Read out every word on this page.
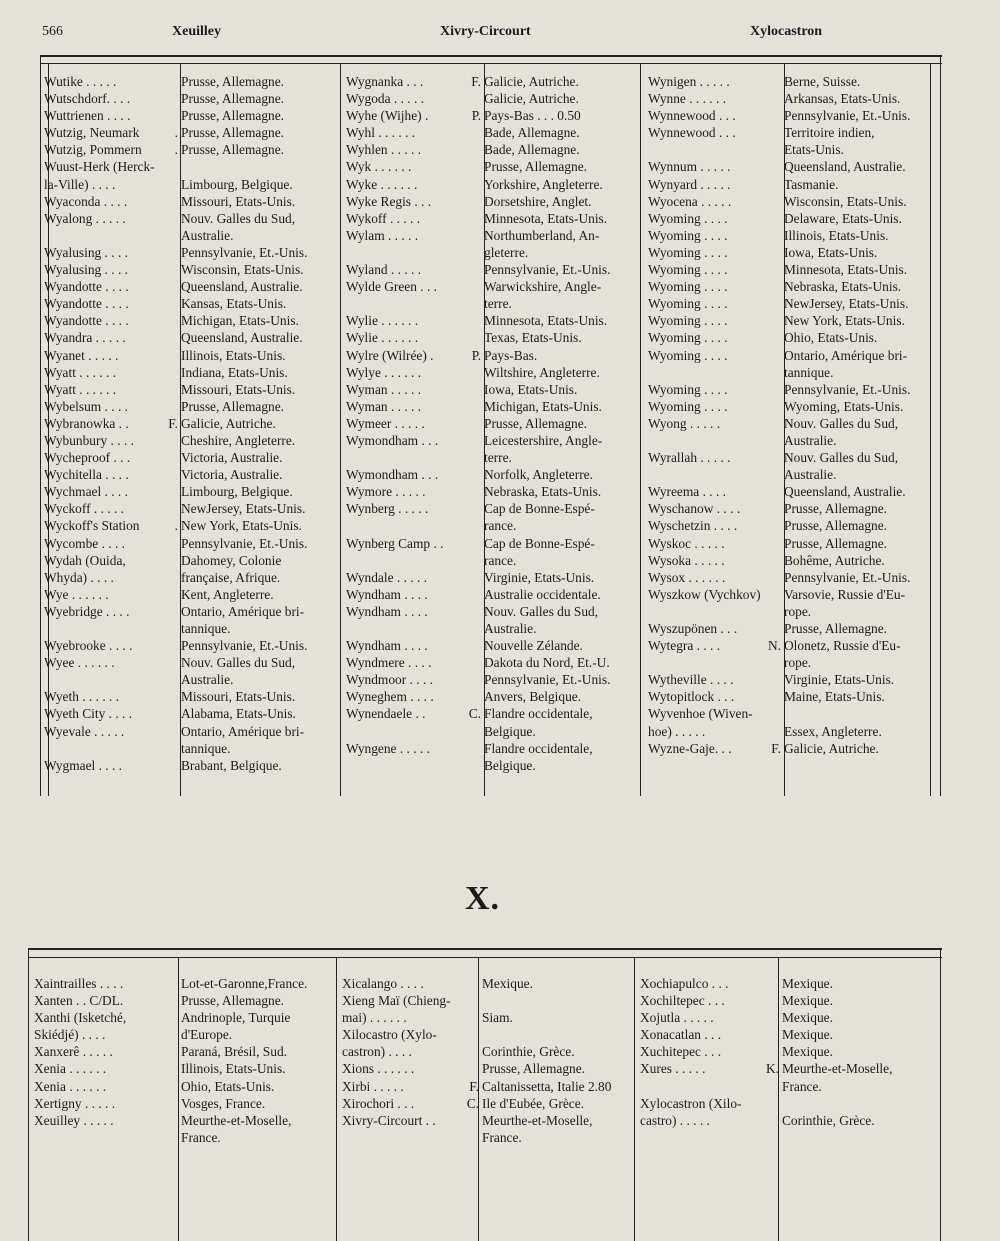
566	Xeuilley	Xivry-Circourt	Xylocastron
Wutike . . . . .	Prusse, Allemagne.
Wutschdorf. . . .	Prusse, Allemagne.
Wuttrienen . . . .	Prusse, Allemagne.
Wutzig, Neumark	. Prusse, Allemagne.
Wutzig, Pommern . Prusse, Allemagne.
Wuust-Herk (Herck-
la-Ville) . . . .	Limbourg, Belgique.
Wyaconda . . . .	Missouri, Etats-Unis.
Wyalong . . . . .	Nouv. Galles du Sud,
Australie.
Wyalusing . . . .	Pennsylvanie, Et.-Unis.
Wyalusing . . . .	Wisconsin, Etats-Unis.
Wyandotte . . . .	Queensland, Australie.
Wyandotte . . . .	Kansas, Etats-Unis.
Wyandotte . . . .	Michigan, Etats-Unis.
Wyandra . . . . .	Queensland, Australie.
Wyanet . . . . .	Illinois, Etats-Unis.
Wyatt . . . . . .	Indiana, Etats-Unis.
Wyatt . . . . . .	Missouri, Etats-Unis.
Wybelsum . . . .	Prusse, Allemagne.
Wybranowka . .	F. Galicie, Autriche.
Wybunbury . . . .	Cheshire, Angleterre.
Wycheproof . . .	Victoria, Australie.
Wychitella . . . .	Victoria, Australie.
Wychmael . . . .	Limbourg, Belgique.
Wyckoff . . . . .	NewJersey, Etats-Unis.
Wyckoff's Station	. New York, Etats-Unis.
Wycombe . . . .	Pennsylvanie, Et.-Unis.
Wydah (Ouida,	Dahomey, Colonie
Whyda) . . . .	française, Afrique.
Wye . . . . . .	Kent, Angleterre.
Wyebridge . . . .	Ontario, Amérique bri-
tannique.
Wyebrooke . . . .	Pennsylvanie, Et.-Unis.
Wyee . . . . . .	Nouv. Galles du Sud,
Australie.
Wyeth . . . . . .	Missouri, Etats-Unis.
Wyeth City . . . .	Alabama, Etats-Unis.
Wyevale . . . . .	Ontario, Amérique bri-
tannique.
Wygmael . . . .	Brabant, Belgique.
Wygnanka . . .	F. Galicie, Autriche.
Wygoda . . . . .	Galicie, Autriche.
Wyhe (Wijhe) .	P. Pays-Bas . . . 0.50
Wyhl . . . . . .	Bade, Allemagne.
Wyhlen . . . . .	Bade, Allemagne.
Wyk . . . . . .	Prusse, Allemagne.
Wyke . . . . . .	Yorkshire, Angleterre.
Wyke Regis . . .	Dorsetshire, Anglet.
Wykoff . . . . .	Minnesota, Etats-Unis.
Wylam . . . . .	Northumberland, An-
gleterre.
Wyland . . . . .	Pennsylvanie, Et.-Unis.
Wylde Green . . .	Warwickshire, Angle-
terre.
Wylie . . . . . .	Minnesota, Etats-Unis.
Wylie . . . . . .	Texas, Etats-Unis.
Wylre (Wilrée) .	P. Pays-Bas.
Wylye . . . . . .	Wiltshire, Angleterre.
Wyman . . . . .	Iowa, Etats-Unis.
Wyman . . . . .	Michigan, Etats-Unis.
Wymeer . . . . .	Prusse, Allemagne.
Wymondham . . .	Leicestershire, Angle-
terre.
Wymondham . . .	Norfolk, Angleterre.
Wymore . . . . .	Nebraska, Etats-Unis.
Wynberg . . . . .	Cap de Bonne-Espé-
rance.
Wynberg Camp . .	Cap de Bonne-Espé-
rance.
Wyndale . . . . .	Virginie, Etats-Unis.
Wyndham . . . .	Australie occidentale.
Wyndham . . . .	Nouv. Galles du Sud,
Australie.
Wyndham . . . .	Nouvelle Zélande.
Wyndmere . . . .	Dakota du Nord, Et.-U.
Wyndmoor . . . .	Pennsylvanie, Et.-Unis.
Wyneghem . . . .	Anvers, Belgique.
Wynendaele . .	C. Flandre occidentale,
Belgique.
Wyngene . . . . .	Flandre occidentale,
Belgique.
Wynigen . . . . .	Berne, Suisse.
Wynne . . . . . .	Arkansas, Etats-Unis.
Wynnewood . . .	Pennsylvanie, Et.-Unis.
Wynnewood . . .	Territoire indien,
Etats-Unis.
Wynnum . . . . .	Queensland, Australie.
Wynyard . . . . .	Tasmanie.
Wyocena . . . . .	Wisconsin, Etats-Unis.
Wyoming . . . .	Delaware, Etats-Unis.
Wyoming . . . .	Illinois, Etats-Unis.
Wyoming . . . .	Iowa, Etats-Unis.
Wyoming . . . .	Minnesota, Etats-Unis.
Wyoming . . . .	Nebraska, Etats-Unis.
Wyoming . . . .	NewJersey, Etats-Unis.
Wyoming . . . .	New York, Etats-Unis.
Wyoming . . . .	Ohio, Etats-Unis.
Wyoming . . . .	Ontario, Amérique bri-
tannique.
Wyoming . . . .	Pennsylvanie, Et.-Unis.
Wyoming . . . .	Wyoming, Etats-Unis.
Wyong . . . . .	Nouv. Galles du Sud,
Australie.
Wyrallah . . . . .	Nouv. Galles du Sud,
Australie.
Wyreema . . . .	Queensland, Australie.
Wyschanow . . . .	Prusse, Allemagne.
Wyschetzin . . . .	Prusse, Allemagne.
Wyskoc . . . . .	Prusse, Allemagne.
Wysoka . . . . .	Bohême, Autriche.
Wysox . . . . . .	Pennsylvanie, Et.-Unis.
Wyszkow (Vychkov)	Varsovie, Russie d'Eu-
rope.
Wyszupönen . . .	Prusse, Allemagne.
Wytegra . . . .	N. Olonetz, Russie d'Eu-
rope.
Wytheville . . . .	Virginie, Etats-Unis.
Wytopitlock . . .	Maine, Etats-Unis.
Wyvenhoe (Wiven-
hoe) . . . . .	Essex, Angleterre.
Wyzne-Gaje. . .	F. Galicie, Autriche.
X.
Xaintrailles . . . .	Lot-et-Garonne,France.
Xanten . . C/DL.	Prusse, Allemagne.
Xanthi (Isketché,	Andrinople, Turquie
Skiédjé) . . . .	d'Europe.
Xanxerê . . . . .	Paraná, Brésil, Sud.
Xenia . . . . . .	Illinois, Etats-Unis.
Xenia . . . . . .	Ohio, Etats-Unis.
Xertigny . . . . .	Vosges, France.
Xeuilley . . . . .	Meurthe-et-Moselle,
France.
Xicalango . . . .	Mexique.
Xieng Maï (Chieng-
mai) . . . . . .	Siam.
Xilocastro (Xylo-
castron) . . . .	Corinthie, Grèce.
Xions . . . . . .	Prusse, Allemagne.
Xirbi . . . . .	F. Caltanissetta, Italie 2.80
Xirochori . . .	C. Ile d'Eubée, Grèce.
Xivry-Circourt . .	Meurthe-et-Moselle,
France.
Xochiapulco . . .	Mexique.
Xochiltepec . . .	Mexique.
Xojutla . . . . .	Mexique.
Xonacatlan . . .	Mexique.
Xuchitepec . . .	Mexique.
Xures . . . . .	K. Meurthe-et-Moselle,
France.
Xylocastron (Xilo-
castro) . . . . .	Corinthie, Grèce.
